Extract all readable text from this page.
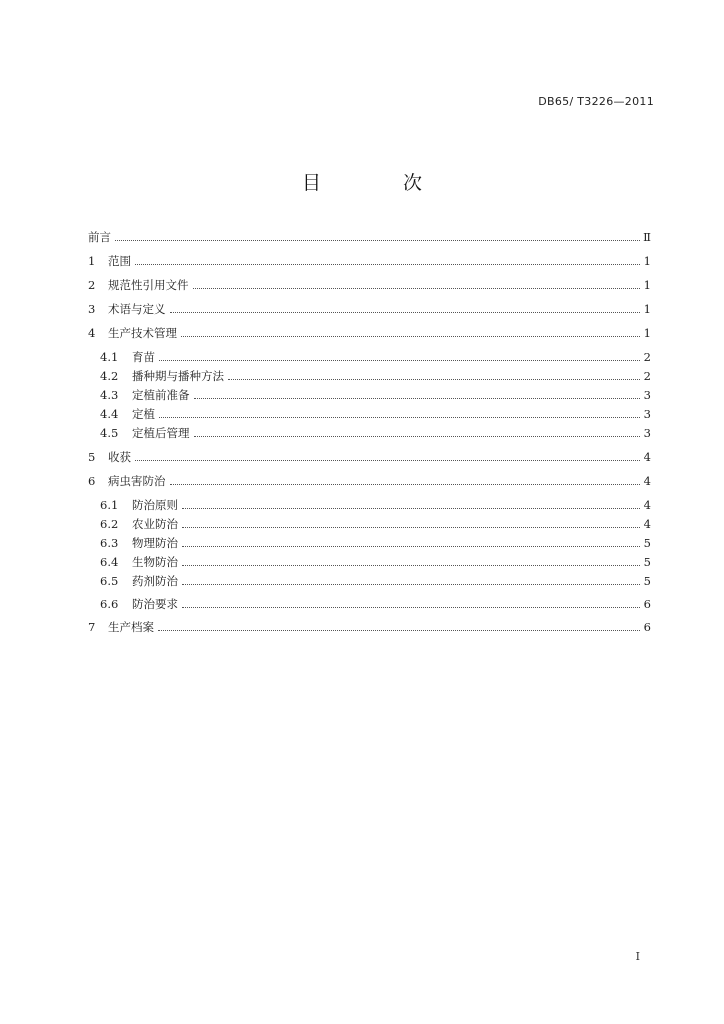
DB65/ T3226—2011
目 次
前言	Ⅱ
1	范围	1
2	规范性引用文件	1
3	术语与定义	1
4	生产技术管理	1
4.1	育苗	2
4.2	播种期与播种方法	2
4.3	定植前准备	3
4.4	定植	3
4.5	定植后管理	3
5	收获	4
6	病虫害防治	4
6.1	防治原则	4
6.2	农业防治	4
6.3	物理防治	5
6.4	生物防治	5
6.5	药剂防治	5
6.6	防治要求	6
7	生产档案	6
I
